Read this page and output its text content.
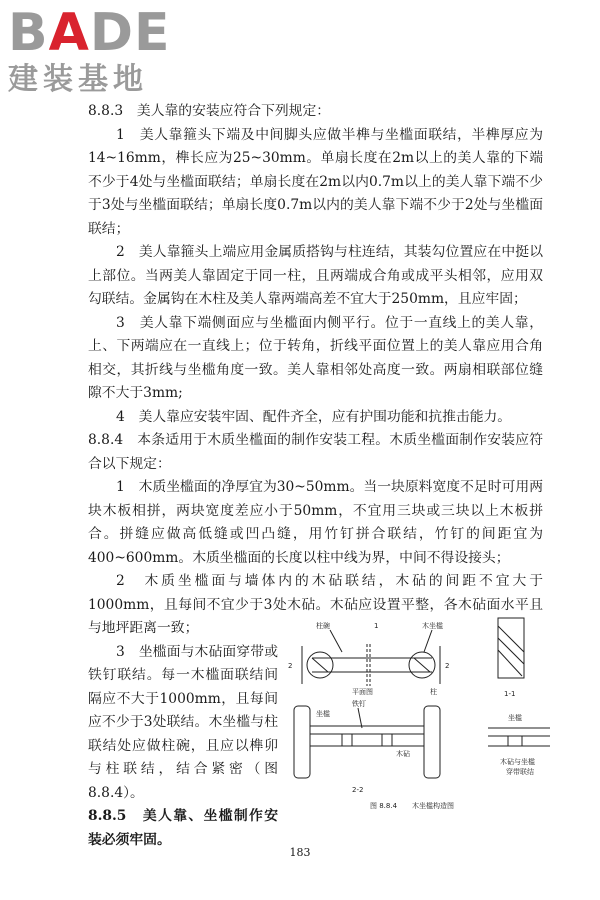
BADE
建装基地

8.8.3　美人靠的安装应符合下列规定：

1　美人靠箍头下端及中间脚头应做半榫与坐槛面联结，半榫厚应为14~16mm，榫长应为25~30mm。单扇长度在2m以上的美人靠的下端不少于4处与坐槛面联结；单扇长度在2m以内0.7m以上的美人靠下端不少于3处与坐槛面联结；单扇长度0.7m以内的美人靠下端不少于2处与坐槛面联结；

2　美人靠箍头上端应用金属质搭钩与柱连结，其装勾位置应在中挺以上部位。当两美人靠固定于同一柱，且两端成合角或成平头相邻，应用双勾联结。金属钩在木柱及美人靠两端高差不宜大于250mm，且应牢固；

3　美人靠下端侧面应与坐槛面内侧平行。位于一直线上的美人靠，上、下两端应在一直线上；位于转角，折线平面位置上的美人靠应用合角相交，其折线与坐槛角度一致。美人靠相邻处高度一致。两扇相联部位缝隙不大于3mm;

4　美人靠应安装牢固、配件齐全，应有护围功能和抗推击能力。

8.8.4　本条适用于木质坐槛面的制作安装工程。木质坐槛面制作安装应符合以下规定：

1　木质坐槛面的净厚宜为30~50mm。当一块原料宽度不足时可用两块木板相拼，两块宽度差应小于50mm，不宜用三块或三块以上木板拼合。拼缝应做高低缝或凹凸缝，用竹钉拼合联结，竹钉的间距宜为400~600mm。木质坐槛面的长度以柱中线为界，中间不得设接头；

2　木质坐槛面与墙体内的木砧联结，木砧的间距不宜大于1000mm，且每间不宜少于3处木砧。木砧应设置平整，各木砧面水平且与地坪距离一致；

3　坐槛面与木砧面穿带或铁钉联结。每一木槛面联结间隔应不大于1000mm，且每间应不少于3处联结。木坐槛与柱联结处应做柱碗，且应以榫卯与柱联结，结合紧密（图8.8.4）。

8.8.5　美人靠、坐槛制作安装必须牢固。

柱碗	1	木坐槛
2	2
平面图	柱	1-1
坐槛
铁钉
木砧
2-2
坐槛
木砧与坐槛
穿带联结
图 8.8.4 木坐槛构造图
183
